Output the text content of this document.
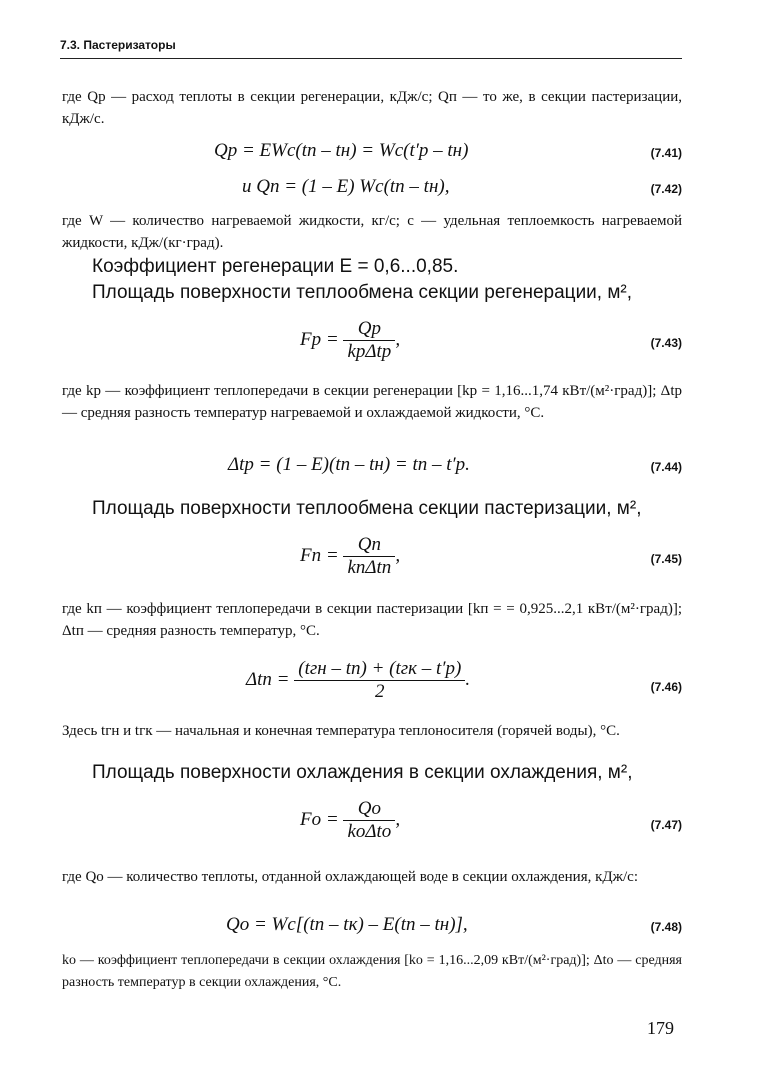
7.3. Пастеризаторы

где Qр — расход теплоты в секции регенерации, кДж/с; Qп — то же, в секции пастеризации, кДж/с.

Qр = EWc(tп – tн) = Wc(t′р – tн)	(7.41)
и Qп = (1 – E) Wc(tп – tн),	(7.42)

где W — количество нагреваемой жидкости, кг/с; c — удельная теплоемкость нагреваемой жидкости, кДж/(кг·град).

Коэффициент регенерации E = 0,6...0,85.

Площадь поверхности теплообмена секции регенерации, м²,

Fр = $\frac{Qр}{\text{kрΔtр}}$ ,	(7.43)

где kр — коэффициент теплопередачи в секции регенерации [kр = 1,16...1,74 кВт/(м²·град)]; Δtр — средняя разность температур нагреваемой и охлаждаемой жидкости, °С.

Δtр = (1 – E)(tп – tн) = tп – t′р.	(7.44)

Площадь поверхности теплообмена секции пастеризации, м²,

Fп = $\frac{Qп}{\text{kпΔtп}}$ ,	(7.45)

где kп — коэффициент теплопередачи в секции пастеризации [kп = = 0,925...2,1 кВт/(м²·град)]; Δtп — средняя разность температур, °С.

$\Delta tп = \frac{\text{(tгн – tп) + (tгк – t′р)}}{2}$ .	(7.46)

Здесь tгн и tгк — начальная и конечная температура теплоносителя (горячей воды), °С.

Площадь поверхности охлаждения в секции охлаждения, м²,

Fо = $\frac{Qо}{\text{kоΔtо}}$ ,	(7.47)

где Qо — количество теплоты, отданной охлаждающей воде в секции охлаждения, кДж/с:

Qо = Wc[(tп – tк) – E(tп – tн)],	(7.48)

kо — коэффициент теплопередачи в секции охлаждения [kо = 1,16...2,09 кВт/(м²·град)]; Δtо — средняя разность температур в секции охлаждения, °С.

179
